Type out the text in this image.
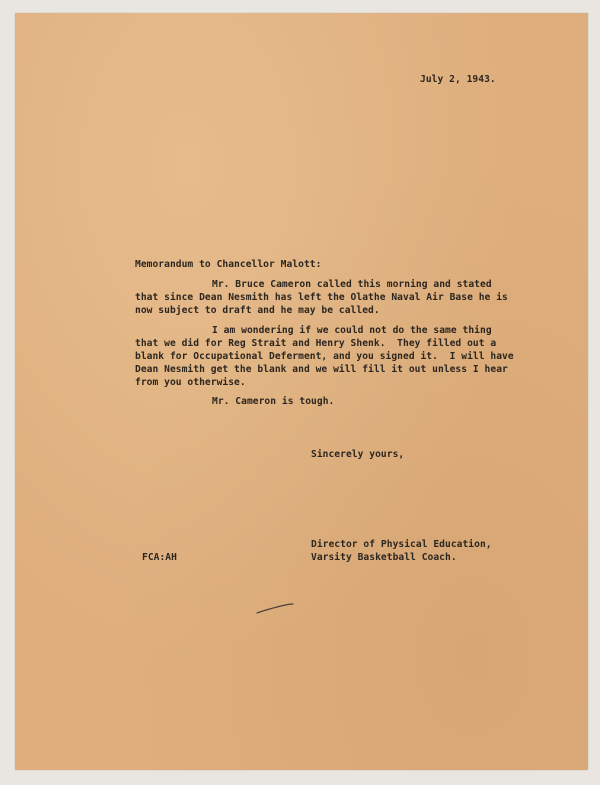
July 2, 1943.
Memorandum to Chancellor Malott:
Mr. Bruce Cameron called this morning and stated
that since Dean Nesmith has left the Olathe Naval Air Base he is
now subject to draft and he may be called.
I am wondering if we could not do the same thing
that we did for Reg Strait and Henry Shenk.  They filled out a
blank for Occupational Deferment, and you signed it.  I will have
Dean Nesmith get the blank and we will fill it out unless I hear
from you otherwise.
Mr. Cameron is tough.
Sincerely yours,
Director of Physical Education,
Varsity Basketball Coach.
FCA:AH
